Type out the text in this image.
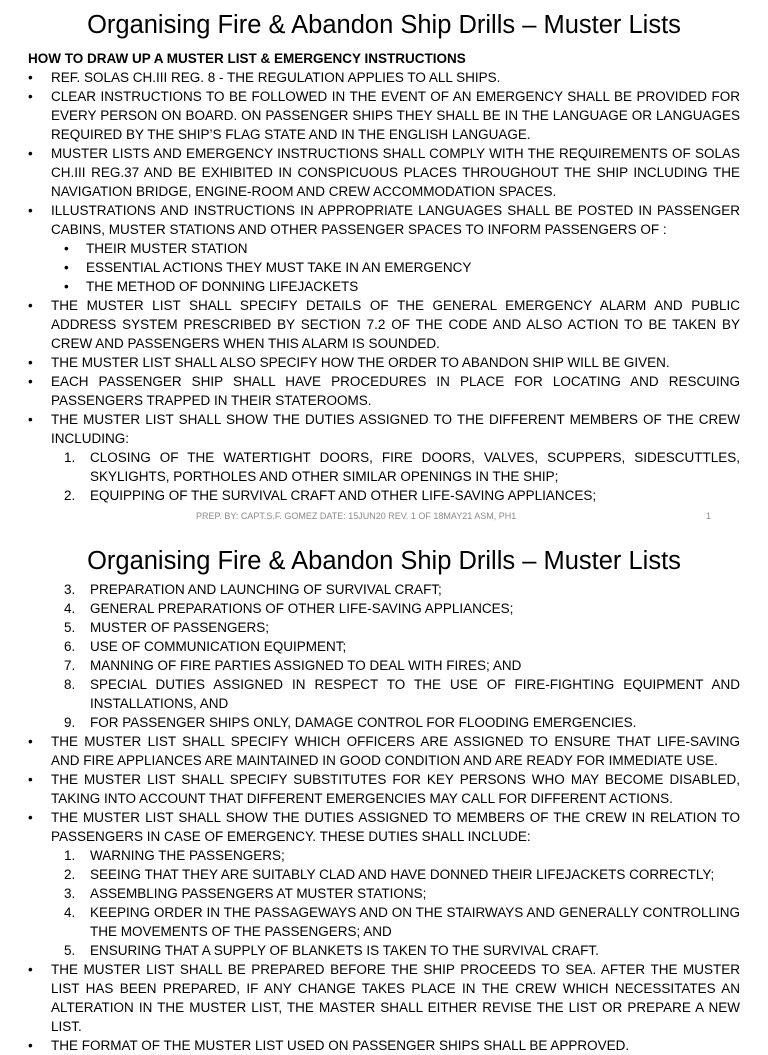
Organising Fire & Abandon Ship Drills – Muster Lists
PREP. BY: CAPT.S.F. GOMEZ DATE: 15JUN20 REV. 1 OF 18MAY21 ASM, PH1	1
HOW TO DRAW UP A MUSTER LIST & EMERGENCY INSTRUCTIONS
• REF. SOLAS CH.III REG. 8 - THE REGULATION APPLIES TO ALL SHIPS.
• CLEAR INSTRUCTIONS TO BE FOLLOWED IN THE EVENT OF AN EMERGENCY SHALL BE PROVIDED FOR EVERY PERSON ON BOARD. ON PASSENGER SHIPS THEY SHALL BE IN THE LANGUAGE OR LANGUAGES REQUIRED BY THE SHIP’S FLAG STATE AND IN THE ENGLISH LANGUAGE.
• MUSTER LISTS AND EMERGENCY INSTRUCTIONS SHALL COMPLY WITH THE REQUIREMENTS OF SOLAS CH.III REG.37 AND BE EXHIBITED IN CONSPICUOUS PLACES THROUGHOUT THE SHIP INCLUDING THE NAVIGATION BRIDGE, ENGINE-ROOM AND CREW ACCOMMODATION SPACES.
• ILLUSTRATIONS AND INSTRUCTIONS IN APPROPRIATE LANGUAGES SHALL BE POSTED IN PASSENGER CABINS, MUSTER STATIONS AND OTHER PASSENGER SPACES TO INFORM PASSENGERS OF :
• THEIR MUSTER STATION
• ESSENTIAL ACTIONS THEY MUST TAKE IN AN EMERGENCY
• THE METHOD OF DONNING LIFEJACKETS
• THE MUSTER LIST SHALL SPECIFY DETAILS OF THE GENERAL EMERGENCY ALARM AND PUBLIC ADDRESS SYSTEM PRESCRIBED BY SECTION 7.2 OF THE CODE AND ALSO ACTION TO BE TAKEN BY CREW AND PASSENGERS WHEN THIS ALARM IS SOUNDED.
• THE MUSTER LIST SHALL ALSO SPECIFY HOW THE ORDER TO ABANDON SHIP WILL BE GIVEN.
• EACH PASSENGER SHIP SHALL HAVE PROCEDURES IN PLACE FOR LOCATING AND RESCUING PASSENGERS TRAPPED IN THEIR STATEROOMS.
• THE MUSTER LIST SHALL SHOW THE DUTIES ASSIGNED TO THE DIFFERENT MEMBERS OF THE CREW INCLUDING:
1. CLOSING OF THE WATERTIGHT DOORS, FIRE DOORS, VALVES, SCUPPERS, SIDESCUTTLES, SKYLIGHTS, PORTHOLES AND OTHER SIMILAR OPENINGS IN THE SHIP;
2. EQUIPPING OF THE SURVIVAL CRAFT AND OTHER LIFE-SAVING APPLIANCES;
Organising Fire & Abandon Ship Drills – Muster Lists
3. PREPARATION AND LAUNCHING OF SURVIVAL CRAFT;
4. GENERAL PREPARATIONS OF OTHER LIFE-SAVING APPLIANCES;
5. MUSTER OF PASSENGERS;
6. USE OF COMMUNICATION EQUIPMENT;
7. MANNING OF FIRE PARTIES ASSIGNED TO DEAL WITH FIRES; AND
8. SPECIAL DUTIES ASSIGNED IN RESPECT TO THE USE OF FIRE-FIGHTING EQUIPMENT AND INSTALLATIONS, AND
9. FOR PASSENGER SHIPS ONLY, DAMAGE CONTROL FOR FLOODING EMERGENCIES.
• THE MUSTER LIST SHALL SPECIFY WHICH OFFICERS ARE ASSIGNED TO ENSURE THAT LIFE-SAVING AND FIRE APPLIANCES ARE MAINTAINED IN GOOD CONDITION AND ARE READY FOR IMMEDIATE USE.
• THE MUSTER LIST SHALL SPECIFY SUBSTITUTES FOR KEY PERSONS WHO MAY BECOME DISABLED, TAKING INTO ACCOUNT THAT DIFFERENT EMERGENCIES MAY CALL FOR DIFFERENT ACTIONS.
• THE MUSTER LIST SHALL SHOW THE DUTIES ASSIGNED TO MEMBERS OF THE CREW IN RELATION TO PASSENGERS IN CASE OF EMERGENCY. THESE DUTIES SHALL INCLUDE:
1. WARNING THE PASSENGERS;
2. SEEING THAT THEY ARE SUITABLY CLAD AND HAVE DONNED THEIR LIFEJACKETS CORRECTLY;
3. ASSEMBLING PASSENGERS AT MUSTER STATIONS;
4. KEEPING ORDER IN THE PASSAGEWAYS AND ON THE STAIRWAYS AND GENERALLY CONTROLLING THE MOVEMENTS OF THE PASSENGERS; AND
5. ENSURING THAT A SUPPLY OF BLANKETS IS TAKEN TO THE SURVIVAL CRAFT.
• THE MUSTER LIST SHALL BE PREPARED BEFORE THE SHIP PROCEEDS TO SEA. AFTER THE MUSTER LIST HAS BEEN PREPARED, IF ANY CHANGE TAKES PLACE IN THE CREW WHICH NECESSITATES AN ALTERATION IN THE MUSTER LIST, THE MASTER SHALL EITHER REVISE THE LIST OR PREPARE A NEW LIST.
• THE FORMAT OF THE MUSTER LIST USED ON PASSENGER SHIPS SHALL BE APPROVED.
